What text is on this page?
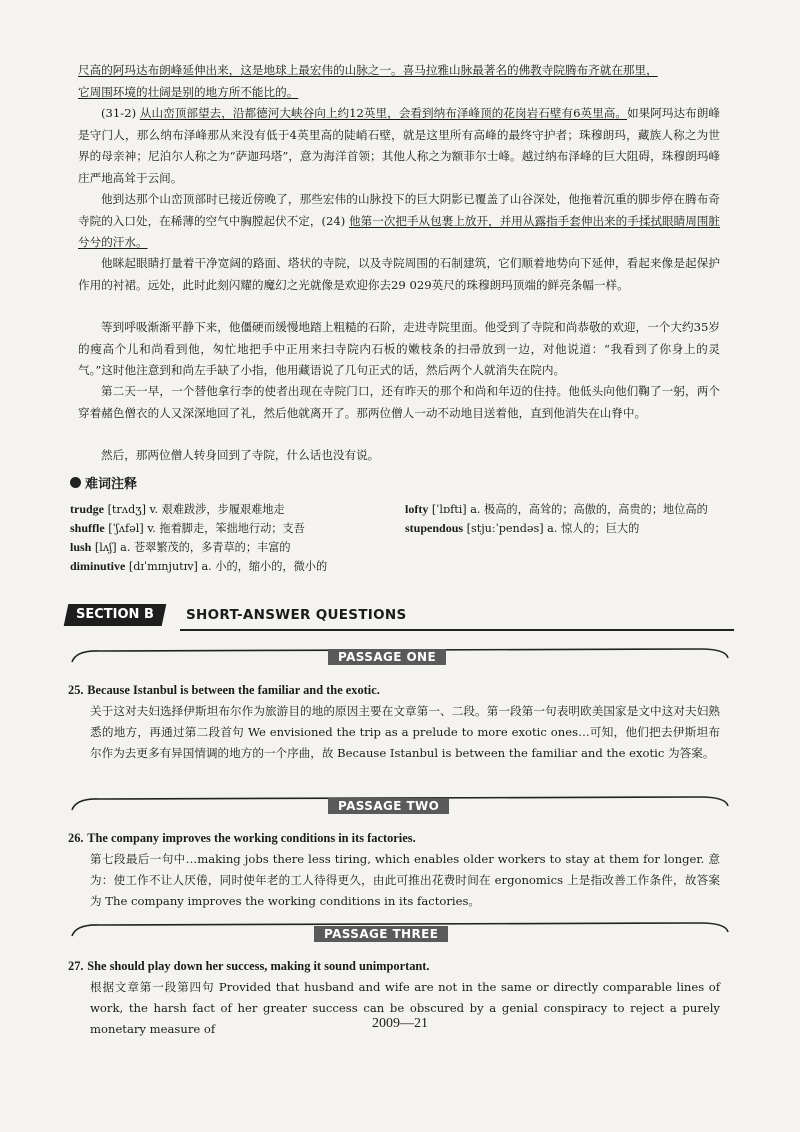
尺高的阿玛达布朗峰延伸出来，这是地球上最宏伟的山脉之一。喜马拉雅山脉最著名的佛教寺院腾布齐就在那里，
它周围环境的壮阔是别的地方所不能比的。
(31-2) 从山峦顶部望去，沿都德河大峡谷向上约12英里，会看到纳布泽峰顶的花岗岩石壁有6英里高。如果阿玛达布朗峰是守门人，那么纳布泽峰那从来没有低于4英里高的陡峭石壁，就是这里所有高峰的最终守护者；珠穆朗玛，藏族人称之为世界的母亲神；尼泊尔人称之为“萨迦玛塔”，意为海洋首领；其他人称之为额菲尔士峰。越过纳布泽峰的巨大阻碍，珠穆朗玛峰庄严地高耸于云间。
他到达那个山峦顶部时已接近傍晚了，那些宏伟的山脉投下的巨大阴影已覆盖了山谷深处，他拖着沉重的脚步停在腾布奇寺院的入口处，在稀薄的空气中胸膛起伏不定，(24) 他第一次把手从包裹上放开，并用从露指手套伸出来的手揉拭眼睛周围脏兮兮的汗水。
他眯起眼睛打量着干净宽阔的路面、塔状的寺院，以及寺院周围的石制建筑，它们顺着地势向下延伸，看起来像是起保护作用的衬裙。远处，此时此刻闪耀的魔幻之光就像是欢迎你去29 029英尺的珠穆朗玛顶端的鲜亮条幅一样。
等到呼吸渐渐平静下来，他僵硬而缓慢地踏上粗糙的石阶，走进寺院里面。他受到了寺院和尚恭敬的欢迎，一个大约35岁的瘦高个儿和尚看到他，匆忙地把手中正用来扫寺院内石板的嫩枝条的扫帚放到一边，对他说道：“我看到了你身上的灵气。”这时他注意到和尚左手缺了小指，他用藏语说了几句正式的话，然后两个人就消失在院内。
第二天一早，一个替他拿行李的使者出现在寺院门口，还有昨天的那个和尚和年迈的住持。他低头向他们鞠了一躬，两个穿着赭色僧衣的人又深深地回了礼，然后他就离开了。那两位僧人一动不动地目送着他，直到他消失在山脊中。
然后，那两位僧人转身回到了寺院，什么话也没有说。
难词注释
trudge [trʌdʒ] v. 艰难跋涉，步履艰难地走
shuffle [ˈʃʌfəl] v. 拖着脚走，笨拙地行动；支吾
lush [lʌʃ] a. 苍翠繁茂的，多青草的；丰富的
diminutive [dɪˈmɪnjutɪv] a. 小的，缩小的，微小的
lofty [ˈlɒfti] a. 极高的，高耸的；高傲的，高贵的；地位高的
stupendous [stjuːˈpendəs] a. 惊人的；巨大的
SECTION B	SHORT-ANSWER QUESTIONS
PASSAGE ONE
25. Because Istanbul is between the familiar and the exotic.

关于这对夫妇选择伊斯坦布尔作为旅游目的地的原因主要在文章第一、二段。第一段第一句表明欧美国家是文中这对夫妇熟悉的地方，再通过第二段首句 We envisioned the trip as a prelude to more exotic ones…可知，他们把去伊斯坦布尔作为去更多有异国情调的地方的一个序曲，故 Because Istanbul is between the familiar and the exotic 为答案。

PASSAGE TWO
26. The company improves the working conditions in its factories.

第七段最后一句中…making jobs there less tiring, which enables older workers to stay at them for longer. 意为：使工作不让人厌倦，同时使年老的工人待得更久，由此可推出花费时间在 ergonomics 上是指改善工作条件，故答案为 The company improves the working conditions in its factories。

PASSAGE THREE
27. She should play down her success, making it sound unimportant.

根据文章第一段第四句 Provided that husband and wife are not in the same or directly comparable lines of work, the harsh fact of her greater success can be obscured by a genial conspiracy to reject a purely monetary measure of	2009—21
